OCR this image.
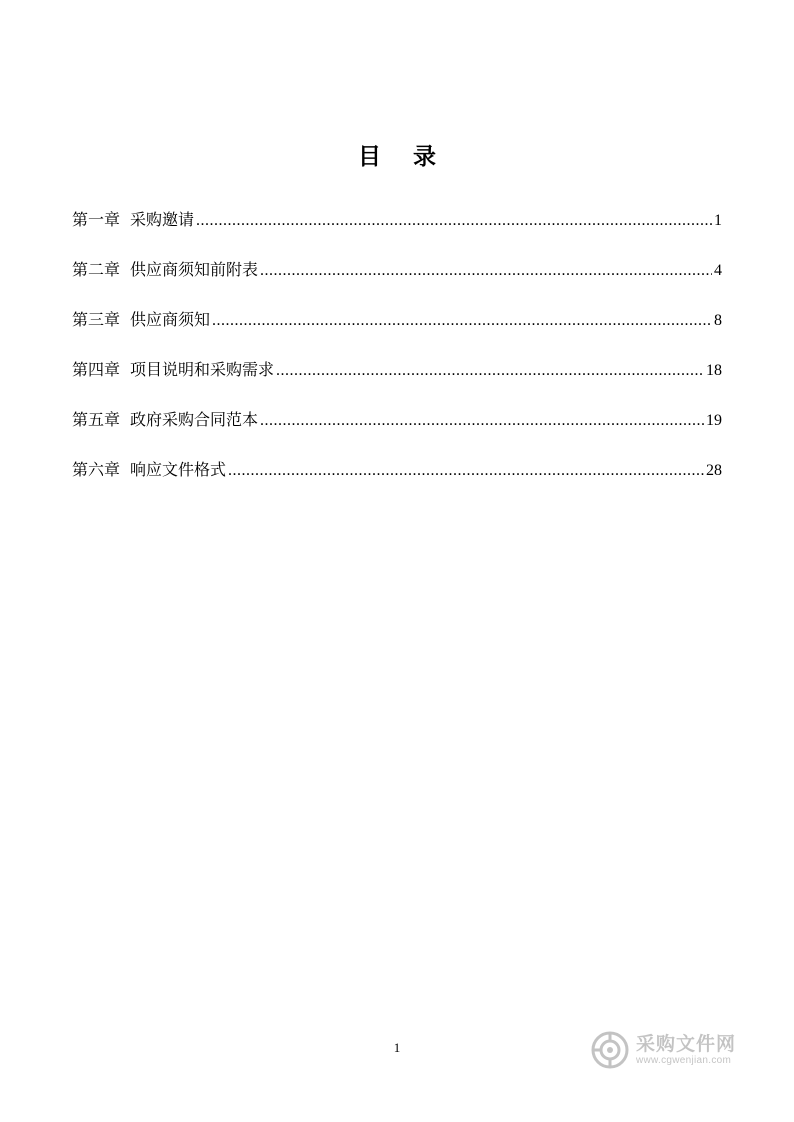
目 录
第一章 采购邀请 .....	1
第二章 供应商须知前附表 .....	4
第三章 供应商须知 .....	8
第四章 项目说明和采购需求 .....	18
第五章 政府采购合同范本 .....	19
第六章 响应文件格式 .....	28
1	采购文件网
www.cgwenjian.com
